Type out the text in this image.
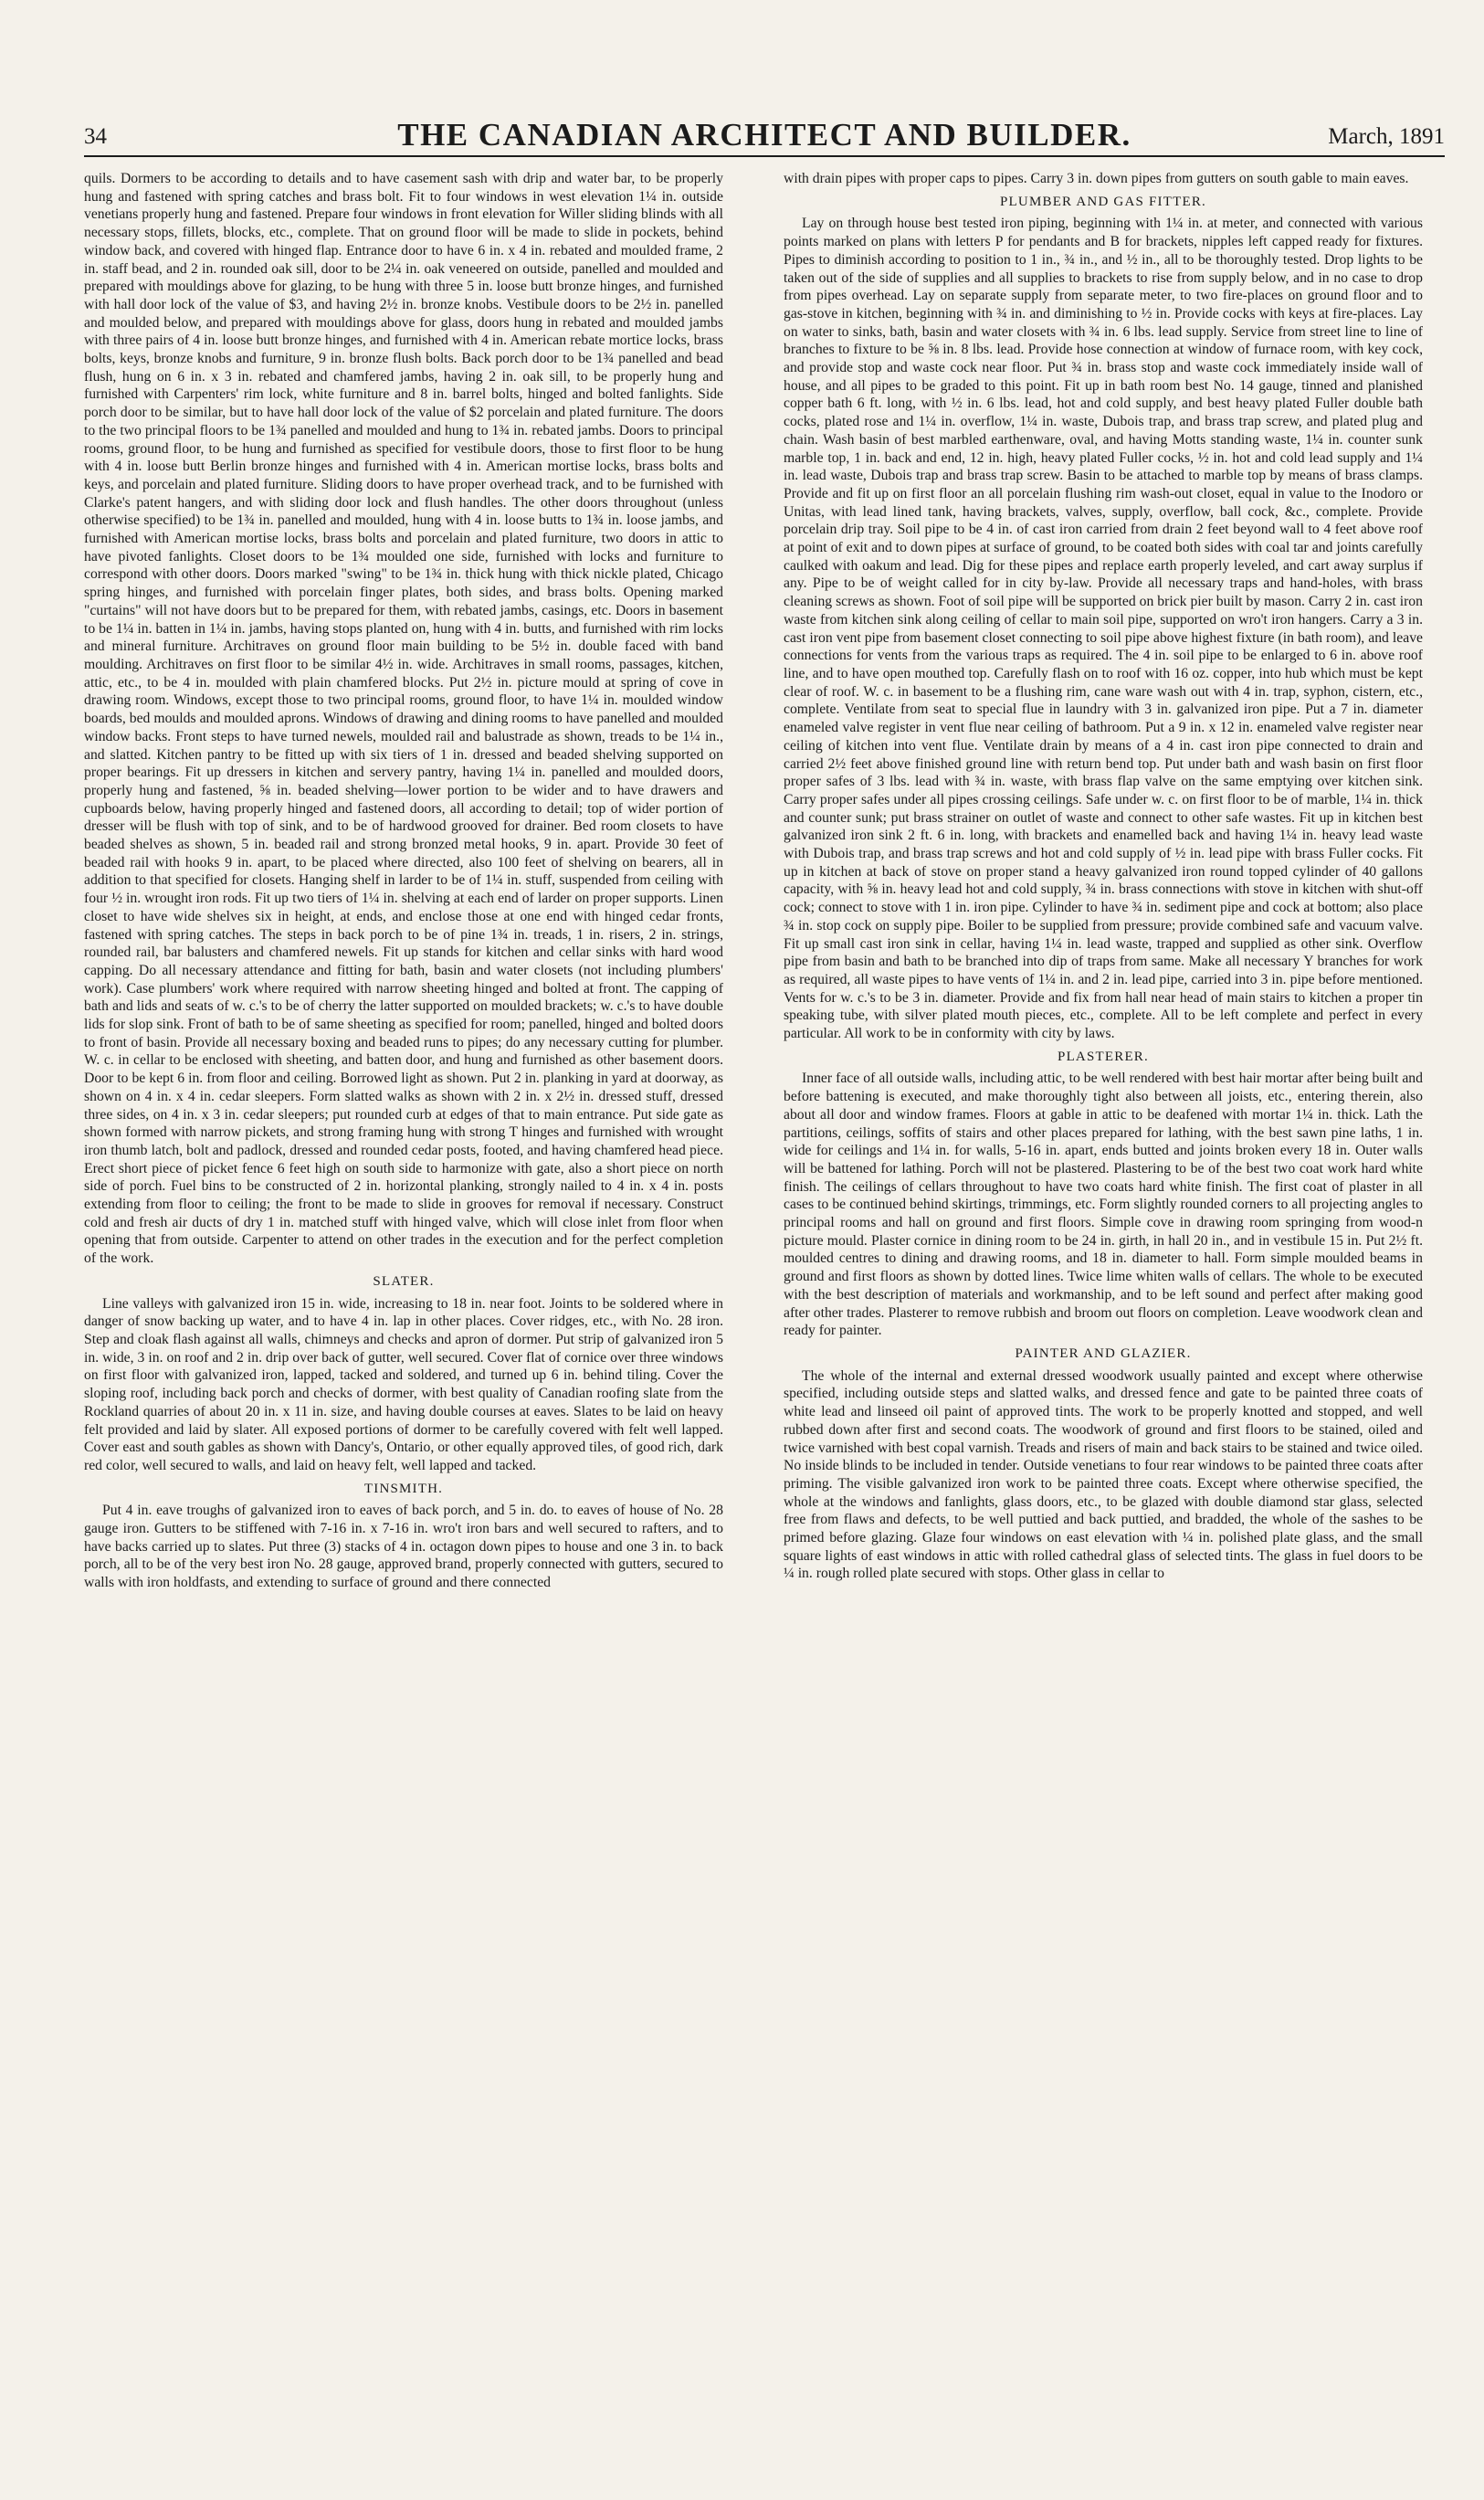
34	THE CANADIAN ARCHITECT AND BUILDER.	March, 1891

quils. Dormers to be according to details and to have casement sash with drip and water bar, to be properly hung and fastened with spring catches and brass bolt. Fit to four windows in west elevation 1¼ in. outside venetians properly hung and fastened. Prepare four windows in front elevation for Willer sliding blinds with all necessary stops, fillets, blocks, etc., complete. That on ground floor will be made to slide in pockets, behind window back, and covered with hinged flap. Entrance door to have 6 in. x 4 in. rebated and moulded frame, 2 in. staff bead, and 2 in. rounded oak sill, door to be 2¼ in. oak veneered on outside, panelled and moulded and prepared with mouldings above for glazing, to be hung with three 5 in. loose butt bronze hinges, and furnished with hall door lock of the value of $3, and having 2½ in. bronze knobs. Vestibule doors to be 2½ in. panelled and moulded below, and prepared with mouldings above for glass, doors hung in rebated and moulded jambs with three pairs of 4 in. loose butt bronze hinges, and furnished with 4 in. American rebate mortice locks, brass bolts, keys, bronze knobs and furniture, 9 in. bronze flush bolts. Back porch door to be 1¾ panelled and bead flush, hung on 6 in. x 3 in. rebated and chamfered jambs, having 2 in. oak sill, to be properly hung and furnished with Carpenters' rim lock, white furniture and 8 in. barrel bolts, hinged and bolted fanlights. Side porch door to be similar, but to have hall door lock of the value of $2 porcelain and plated furniture. The doors to the two principal floors to be 1¾ panelled and moulded and hung to 1¾ in. rebated jambs. Doors to principal rooms, ground floor, to be hung and furnished as specified for vestibule doors, those to first floor to be hung with 4 in. loose butt Berlin bronze hinges and furnished with 4 in. American mortise locks, brass bolts and keys, and porcelain and plated furniture. Sliding doors to have proper overhead track, and to be furnished with Clarke's patent hangers, and with sliding door lock and flush handles. The other doors throughout (unless otherwise specified) to be 1¾ in. panelled and moulded, hung with 4 in. loose butts to 1¾ in. loose jambs, and furnished with American mortise locks, brass bolts and porcelain and plated furniture, two doors in attic to have pivoted fanlights. Closet doors to be 1¾ moulded one side, furnished with locks and furniture to correspond with other doors. Doors marked "swing" to be 1¾ in. thick hung with thick nickle plated, Chicago spring hinges, and furnished with porcelain finger plates, both sides, and brass bolts. Opening marked "curtains" will not have doors but to be prepared for them, with rebated jambs, casings, etc. Doors in basement to be 1¼ in. batten in 1¼ in. jambs, having stops planted on, hung with 4 in. butts, and furnished with rim locks and mineral furniture. Architraves on ground floor main building to be 5½ in. double faced with band moulding. Architraves on first floor to be similar 4½ in. wide. Architraves in small rooms, passages, kitchen, attic, etc., to be 4 in. moulded with plain chamfered blocks. Put 2½ in. picture mould at spring of cove in drawing room. Windows, except those to two principal rooms, ground floor, to have 1¼ in. moulded window boards, bed moulds and moulded aprons. Windows of drawing and dining rooms to have panelled and moulded window backs. Front steps to have turned newels, moulded rail and balustrade as shown, treads to be 1¼ in., and slatted. Kitchen pantry to be fitted up with six tiers of 1 in. dressed and beaded shelving supported on proper bearings. Fit up dressers in kitchen and servery pantry, having 1¼ in. panelled and moulded doors, properly hung and fastened, ⅝ in. beaded shelving—lower portion to be wider and to have drawers and cupboards below, having properly hinged and fastened doors, all according to detail; top of wider portion of dresser will be flush with top of sink, and to be of hardwood grooved for drainer. Bed room closets to have beaded shelves as shown, 5 in. beaded rail and strong bronzed metal hooks, 9 in. apart. Provide 30 feet of beaded rail with hooks 9 in. apart, to be placed where directed, also 100 feet of shelving on bearers, all in addition to that specified for closets. Hanging shelf in larder to be of 1¼ in. stuff, suspended from ceiling with four ½ in. wrought iron rods. Fit up two tiers of 1¼ in. shelving at each end of larder on proper supports. Linen closet to have wide shelves six in height, at ends, and enclose those at one end with hinged cedar fronts, fastened with spring catches. The steps in back porch to be of pine 1¾ in. treads, 1 in. risers, 2 in. strings, rounded rail, bar balusters and chamfered newels. Fit up stands for kitchen and cellar sinks with hard wood capping. Do all necessary attendance and fitting for bath, basin and water closets (not including plumbers' work). Case plumbers' work where required with narrow sheeting hinged and bolted at front. The capping of bath and lids and seats of w. c.'s to be of cherry the latter supported on moulded brackets; w. c.'s to have double lids for slop sink. Front of bath to be of same sheeting as specified for room; panelled, hinged and bolted doors to front of basin. Provide all necessary boxing and beaded runs to pipes; do any necessary cutting for plumber. W. c. in cellar to be enclosed with sheeting, and batten door, and hung and furnished as other basement doors. Door to be kept 6 in. from floor and ceiling. Borrowed light as shown. Put 2 in. planking in yard at doorway, as shown on 4 in. x 4 in. cedar sleepers. Form slatted walks as shown with 2 in. x 2½ in. dressed stuff, dressed three sides, on 4 in. x 3 in. cedar sleepers; put rounded curb at edges of that to main entrance. Put side gate as shown formed with narrow pickets, and strong framing hung with strong T hinges and furnished with wrought iron thumb latch, bolt and padlock, dressed and rounded cedar posts, footed, and having chamfered head piece. Erect short piece of picket fence 6 feet high on south side to harmonize with gate, also a short piece on north side of porch. Fuel bins to be constructed of 2 in. horizontal planking, strongly nailed to 4 in. x 4 in. posts extending from floor to ceiling; the front to be made to slide in grooves for removal if necessary. Construct cold and fresh air ducts of dry 1 in. matched stuff with hinged valve, which will close inlet from floor when opening that from outside. Carpenter to attend on other trades in the execution and for the perfect completion of the work.

SLATER.

Line valleys with galvanized iron 15 in. wide, increasing to 18 in. near foot. Joints to be soldered where in danger of snow backing up water, and to have 4 in. lap in other places. Cover ridges, etc., with No. 28 iron. Step and cloak flash against all walls, chimneys and checks and apron of dormer. Put strip of galvanized iron 5 in. wide, 3 in. on roof and 2 in. drip over back of gutter, well secured. Cover flat of cornice over three windows on first floor with galvanized iron, lapped, tacked and soldered, and turned up 6 in. behind tiling. Cover the sloping roof, including back porch and checks of dormer, with best quality of Canadian roofing slate from the Rockland quarries of about 20 in. x 11 in. size, and having double courses at eaves. Slates to be laid on heavy felt provided and laid by slater. All exposed portions of dormer to be carefully covered with felt well lapped. Cover east and south gables as shown with Dancy's, Ontario, or other equally approved tiles, of good rich, dark red color, well secured to walls, and laid on heavy felt, well lapped and tacked.

TINSMITH.

Put 4 in. eave troughs of galvanized iron to eaves of back porch, and 5 in. do. to eaves of house of No. 28 gauge iron. Gutters to be stiffened with 7-16 in. x 7-16 in. wro't iron bars and well secured to rafters, and to have backs carried up to slates. Put three (3) stacks of 4 in. octagon down pipes to house and one 3 in. to back porch, all to be of the very best iron No. 28 gauge, approved brand, properly connected with gutters, secured to walls with iron holdfasts, and extending to surface of ground and there connected

with drain pipes with proper caps to pipes. Carry 3 in. down pipes from gutters on south gable to main eaves.

PLUMBER AND GAS FITTER.

Lay on through house best tested iron piping, beginning with 1¼ in. at meter, and connected with various points marked on plans with letters P for pendants and B for brackets, nipples left capped ready for fixtures. Pipes to diminish according to position to 1 in., ¾ in., and ½ in., all to be thoroughly tested. Drop lights to be taken out of the side of supplies and all supplies to brackets to rise from supply below, and in no case to drop from pipes overhead. Lay on separate supply from separate meter, to two fire-places on ground floor and to gas-stove in kitchen, beginning with ¾ in. and diminishing to ½ in. Provide cocks with keys at fire-places. Lay on water to sinks, bath, basin and water closets with ¾ in. 6 lbs. lead supply. Service from street line to line of branches to fixture to be ⅝ in. 8 lbs. lead. Provide hose connection at window of furnace room, with key cock, and provide stop and waste cock near floor. Put ¾ in. brass stop and waste cock immediately inside wall of house, and all pipes to be graded to this point. Fit up in bath room best No. 14 gauge, tinned and planished copper bath 6 ft. long, with ½ in. 6 lbs. lead, hot and cold supply, and best heavy plated Fuller double bath cocks, plated rose and 1¼ in. overflow, 1¼ in. waste, Dubois trap, and brass trap screw, and plated plug and chain. Wash basin of best marbled earthenware, oval, and having Motts standing waste, 1¼ in. counter sunk marble top, 1 in. back and end, 12 in. high, heavy plated Fuller cocks, ½ in. hot and cold lead supply and 1¼ in. lead waste, Dubois trap and brass trap screw. Basin to be attached to marble top by means of brass clamps. Provide and fit up on first floor an all porcelain flushing rim wash-out closet, equal in value to the Inodoro or Unitas, with lead lined tank, having brackets, valves, supply, overflow, ball cock, &c., complete. Provide porcelain drip tray. Soil pipe to be 4 in. of cast iron carried from drain 2 feet beyond wall to 4 feet above roof at point of exit and to down pipes at surface of ground, to be coated both sides with coal tar and joints carefully caulked with oakum and lead. Dig for these pipes and replace earth properly leveled, and cart away surplus if any. Pipe to be of weight called for in city by-law. Provide all necessary traps and hand-holes, with brass cleaning screws as shown. Foot of soil pipe will be supported on brick pier built by mason. Carry 2 in. cast iron waste from kitchen sink along ceiling of cellar to main soil pipe, supported on wro't iron hangers. Carry a 3 in. cast iron vent pipe from basement closet connecting to soil pipe above highest fixture (in bath room), and leave connections for vents from the various traps as required. The 4 in. soil pipe to be enlarged to 6 in. above roof line, and to have open mouthed top. Carefully flash on to roof with 16 oz. copper, into hub which must be kept clear of roof. W. c. in basement to be a flushing rim, cane ware wash out with 4 in. trap, syphon, cistern, etc., complete. Ventilate from seat to special flue in laundry with 3 in. galvanized iron pipe. Put a 7 in. diameter enameled valve register in vent flue near ceiling of bathroom. Put a 9 in. x 12 in. enameled valve register near ceiling of kitchen into vent flue. Ventilate drain by means of a 4 in. cast iron pipe connected to drain and carried 2½ feet above finished ground line with return bend top. Put under bath and wash basin on first floor proper safes of 3 lbs. lead with ¾ in. waste, with brass flap valve on the same emptying over kitchen sink. Carry proper safes under all pipes crossing ceilings. Safe under w. c. on first floor to be of marble, 1¼ in. thick and counter sunk; put brass strainer on outlet of waste and connect to other safe wastes. Fit up in kitchen best galvanized iron sink 2 ft. 6 in. long, with brackets and enamelled back and having 1¼ in. heavy lead waste with Dubois trap, and brass trap screws and hot and cold supply of ½ in. lead pipe with brass Fuller cocks. Fit up in kitchen at back of stove on proper stand a heavy galvanized iron round topped cylinder of 40 gallons capacity, with ⅝ in. heavy lead hot and cold supply, ¾ in. brass connections with stove in kitchen with shut-off cock; connect to stove with 1 in. iron pipe. Cylinder to have ¾ in. sediment pipe and cock at bottom; also place ¾ in. stop cock on supply pipe. Boiler to be supplied from pressure; provide combined safe and vacuum valve. Fit up small cast iron sink in cellar, having 1¼ in. lead waste, trapped and supplied as other sink. Overflow pipe from basin and bath to be branched into dip of traps from same. Make all necessary Y branches for work as required, all waste pipes to have vents of 1¼ in. and 2 in. lead pipe, carried into 3 in. pipe before mentioned. Vents for w. c.'s to be 3 in. diameter. Provide and fix from hall near head of main stairs to kitchen a proper tin speaking tube, with silver plated mouth pieces, etc., complete. All to be left complete and perfect in every particular. All work to be in conformity with city by laws.

PLASTERER.

Inner face of all outside walls, including attic, to be well rendered with best hair mortar after being built and before battening is executed, and make thoroughly tight also between all joists, etc., entering therein, also about all door and window frames. Floors at gable in attic to be deafened with mortar 1¼ in. thick. Lath the partitions, ceilings, soffits of stairs and other places prepared for lathing, with the best sawn pine laths, 1 in. wide for ceilings and 1¼ in. for walls, 5-16 in. apart, ends butted and joints broken every 18 in. Outer walls will be battened for lathing. Porch will not be plastered. Plastering to be of the best two coat work hard white finish. The ceilings of cellars throughout to have two coats hard white finish. The first coat of plaster in all cases to be continued behind skirtings, trimmings, etc. Form slightly rounded corners to all projecting angles to principal rooms and hall on ground and first floors. Simple cove in drawing room springing from wood-n picture mould. Plaster cornice in dining room to be 24 in. girth, in hall 20 in., and in vestibule 15 in. Put 2½ ft. moulded centres to dining and drawing rooms, and 18 in. diameter to hall. Form simple moulded beams in ground and first floors as shown by dotted lines. Twice lime whiten walls of cellars. The whole to be executed with the best description of materials and workmanship, and to be left sound and perfect after making good after other trades. Plasterer to remove rubbish and broom out floors on completion. Leave woodwork clean and ready for painter.

PAINTER AND GLAZIER.

The whole of the internal and external dressed woodwork usually painted and except where otherwise specified, including outside steps and slatted walks, and dressed fence and gate to be painted three coats of white lead and linseed oil paint of approved tints. The work to be properly knotted and stopped, and well rubbed down after first and second coats. The woodwork of ground and first floors to be stained, oiled and twice varnished with best copal varnish. Treads and risers of main and back stairs to be stained and twice oiled. No inside blinds to be included in tender. Outside venetians to four rear windows to be painted three coats after priming. The visible galvanized iron work to be painted three coats. Except where otherwise specified, the whole at the windows and fanlights, glass doors, etc., to be glazed with double diamond star glass, selected free from flaws and defects, to be well puttied and back puttied, and bradded, the whole of the sashes to be primed before glazing. Glaze four windows on east elevation with ¼ in. polished plate glass, and the small square lights of east windows in attic with rolled cathedral glass of selected tints. The glass in fuel doors to be ¼ in. rough rolled plate secured with stops. Other glass in cellar to
